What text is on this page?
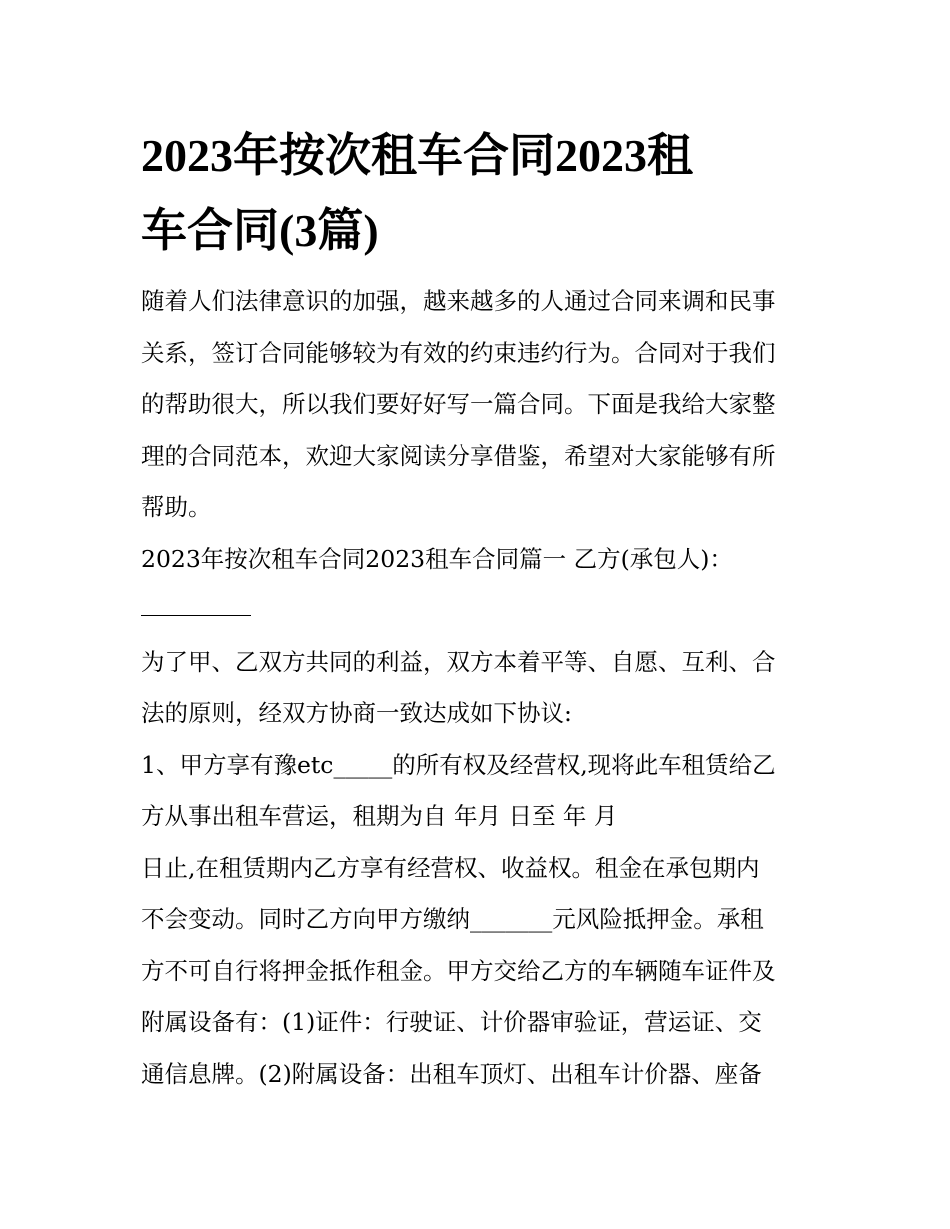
2023年按次租车合同2023租
车合同(3篇)

随着人们法律意识的加强，越来越多的人通过合同来调和民事

关系，签订合同能够较为有效的约束违约行为。合同对于我们

的帮助很大，所以我们要好好写一篇合同。下面是我给大家整

理的合同范本，欢迎大家阅读分享借鉴，希望对大家能够有所

帮助。

2023年按次租车合同2023租车合同篇一 乙方(承包人)：

为了甲、乙双方共同的利益，双方本着平等、自愿、互利、合

法的原则，经双方协商一致达成如下协议:

1、甲方享有豫etc_____的所有权及经营权,现将此车租赁给乙

方从事出租车营运，租期为自 年月 日至 年 月

日止,在租赁期内乙方享有经营权、收益权。租金在承包期内

不会变动。同时乙方向甲方缴纳_______元风险抵押金。承租

方不可自行将押金抵作租金。甲方交给乙方的车辆随车证件及

附属设备有：(1)证件：行驶证、计价器审验证，营运证、交

通信息牌。(2)附属设备：出租车顶灯、出租车计价器、座备
